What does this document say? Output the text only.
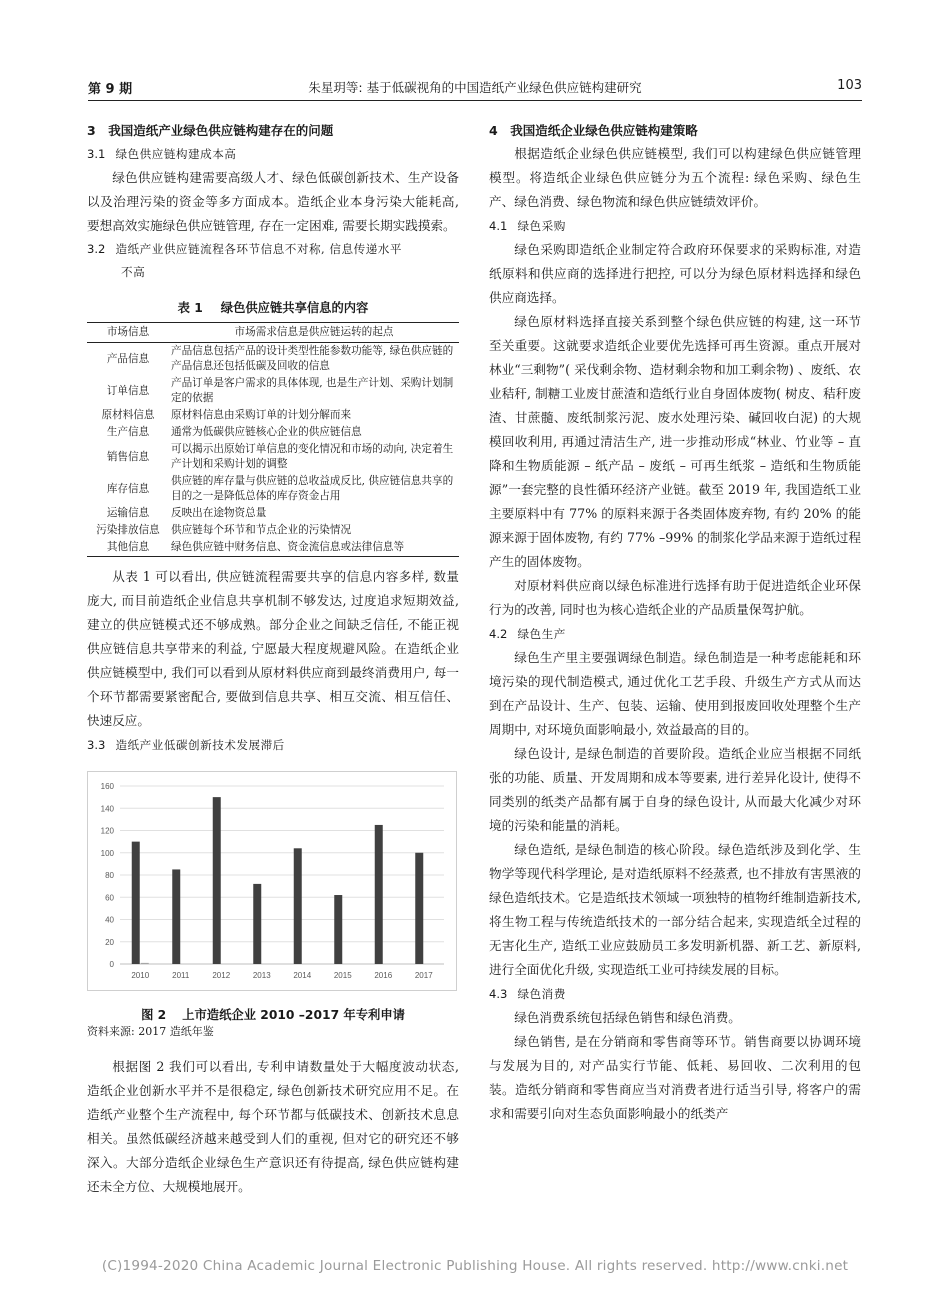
第 9 期	朱星玥等: 基于低碳视角的中国造纸产业绿色供应链构建研究	103
3　我国造纸产业绿色供应链构建存在的问题
3.1 绿色供应链构建成本高

绿色供应链构建需要高级人才、绿色低碳创新技术、生产设备以及治理污染的资金等多方面成本。造纸企业本身污染大能耗高, 要想高效实施绿色供应链管理, 存在一定困难, 需要长期实践摸索。

3.2 造纸产业供应链流程各环节信息不对称, 信息传递水平
不高
表 1 绿色供应链共享信息的内容
市场信息	市场需求信息是供应链运转的起点
产品信息	产品信息包括产品的设计类型性能参数功能等, 绿色供应链的产品信息还包括低碳及回收的信息
订单信息	产品订单是客户需求的具体体现, 也是生产计划、采购计划制定的依据
原材料信息	原材料信息由采购订单的计划分解而来
生产信息	通常为低碳供应链核心企业的供应链信息
销售信息	可以揭示出原始订单信息的变化情况和市场的动向, 决定着生产计划和采购计划的调整
库存信息	供应链的库存量与供应链的总收益成反比, 供应链信息共享的目的之一是降低总体的库存资金占用
运输信息	反映出在途物资总量
污染排放信息	供应链每个环节和节点企业的污染情况
其他信息	绿色供应链中财务信息、资金流信息或法律信息等

从表 1 可以看出, 供应链流程需要共享的信息内容多样, 数量庞大, 而目前造纸企业信息共享机制不够发达, 过度追求短期效益, 建立的供应链模式还不够成熟。部分企业之间缺乏信任, 不能正视供应链信息共享带来的利益, 宁愿最大程度规避风险。在造纸企业供应链模型中, 我们可以看到从原材料供应商到最终消费用户, 每一个环节都需要紧密配合, 要做到信息共享、相互交流、相互信任、快速反应。

3.3 造纸产业低碳创新技术发展滞后
0
20
40
60
80
100
120
140
160
2010	2011	2012	2013	2014	2015	2016	2017
图 2 上市造纸企业 2010 –2017 年专利申请
资料来源: 2017 造纸年鉴

根据图 2 我们可以看出, 专利申请数量处于大幅度波动状态, 造纸企业创新水平并不是很稳定, 绿色创新技术研究应用不足。在造纸产业整个生产流程中, 每个环节都与低碳技术、创新技术息息相关。虽然低碳经济越来越受到人们的重视, 但对它的研究还不够深入。大部分造纸企业绿色生产意识还有待提高, 绿色供应链构建还未全方位、大规模地展开。

4　我国造纸企业绿色供应链构建策略

根据造纸企业绿色供应链模型, 我们可以构建绿色供应链管理模型。将造纸企业绿色供应链分为五个流程: 绿色采购、绿色生产、绿色消费、绿色物流和绿色供应链绩效评价。

4.1 绿色采购

绿色采购即造纸企业制定符合政府环保要求的采购标准, 对造纸原料和供应商的选择进行把控, 可以分为绿色原材料选择和绿色供应商选择。

绿色原材料选择直接关系到整个绿色供应链的构建, 这一环节至关重要。这就要求造纸企业要优先选择可再生资源。重点开展对林业“三剩物”( 采伐剩余物、造材剩余物和加工剩余物) 、废纸、农业秸秆, 制糖工业废甘蔗渣和造纸行业自身固体废物( 树皮、秸秆废渣、甘蔗髓、废纸制浆污泥、废水处理污染、碱回收白泥) 的大规模回收利用, 再通过清洁生产, 进一步推动形成“林业、竹业等 – 直降和生物质能源 – 纸产品 – 废纸 – 可再生纸浆 – 造纸和生物质能源”一套完整的良性循环经济产业链。截至 2019 年, 我国造纸工业主要原料中有 77% 的原料来源于各类固体废弃物, 有约 20% 的能源来源于固体废物, 有约 77% –99% 的制浆化学品来源于造纸过程产生的固体废物。

对原材料供应商以绿色标准进行选择有助于促进造纸企业环保行为的改善, 同时也为核心造纸企业的产品质量保驾护航。

4.2 绿色生产

绿色生产里主要强调绿色制造。绿色制造是一种考虑能耗和环境污染的现代制造模式, 通过优化工艺手段、升级生产方式从而达到在产品设计、生产、包装、运输、使用到报废回收处理整个生产周期中, 对环境负面影响最小, 效益最高的目的。

绿色设计, 是绿色制造的首要阶段。造纸企业应当根据不同纸张的功能、质量、开发周期和成本等要素, 进行差异化设计, 使得不同类别的纸类产品都有属于自身的绿色设计, 从而最大化减少对环境的污染和能量的消耗。

绿色造纸, 是绿色制造的核心阶段。绿色造纸涉及到化学、生物学等现代科学理论, 是对造纸原料不经蒸煮, 也不排放有害黑液的绿色造纸技术。它是造纸技术领域一项独特的植物纤维制造新技术, 将生物工程与传统造纸技术的一部分结合起来, 实现造纸全过程的无害化生产, 造纸工业应鼓励员工多发明新机器、新工艺、新原料, 进行全面优化升级, 实现造纸工业可持续发展的目标。

4.3 绿色消费

绿色消费系统包括绿色销售和绿色消费。

绿色销售, 是在分销商和零售商等环节。销售商要以协调环境与发展为目的, 对产品实行节能、低耗、易回收、二次利用的包装。造纸分销商和零售商应当对消费者进行适当引导, 将客户的需求和需要引向对生态负面影响最小的纸类产

(C)1994-2020 China Academic Journal Electronic Publishing House. All rights reserved. http://www.cnki.net
